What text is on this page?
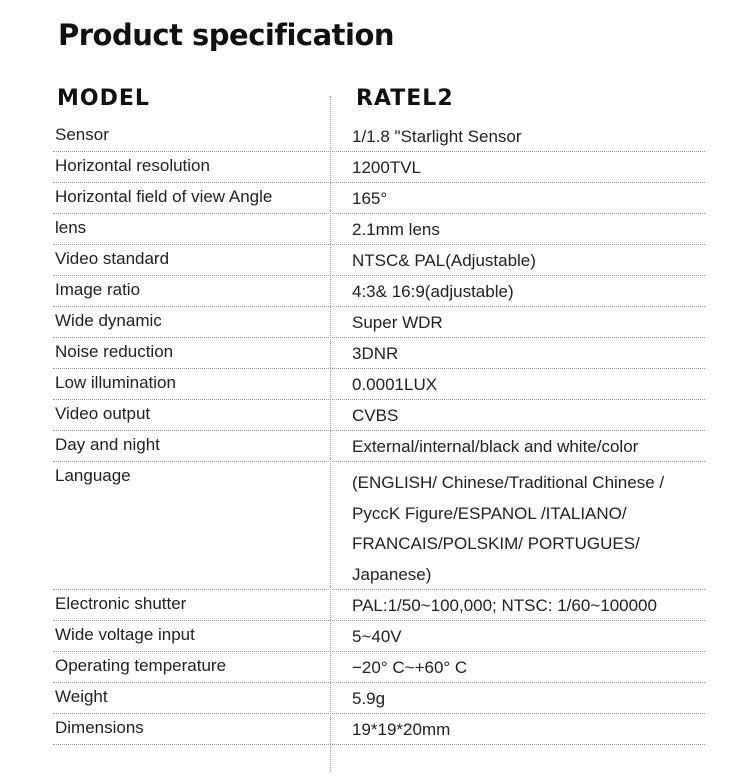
Product specification
MODEL	RATEL2
Sensor	1/1.8 "Starlight Sensor
Horizontal resolution	1200TVL
Horizontal field of view Angle	165°
lens	2.1mm lens
Video standard	NTSC& PAL(Adjustable)
Image ratio	4:3& 16:9(adjustable)
Wide dynamic	Super WDR
Noise reduction	3DNR
Low illumination	0.0001LUX
Video output	CVBS
Day and night	External/internal/black and white/color
Language	(ENGLISH/ Chinese/Traditional Chinese /
PyccK Figure/ESPANOL /ITALIANO/
FRANCAIS/POLSKIM/ PORTUGUES/
Japanese)
Electronic shutter	PAL:1/50~100,000; NTSC: 1/60~100000
Wide voltage input	5~40V
Operating temperature	−20° C~+60° C
Weight	5.9g
Dimensions	19*19*20mm
